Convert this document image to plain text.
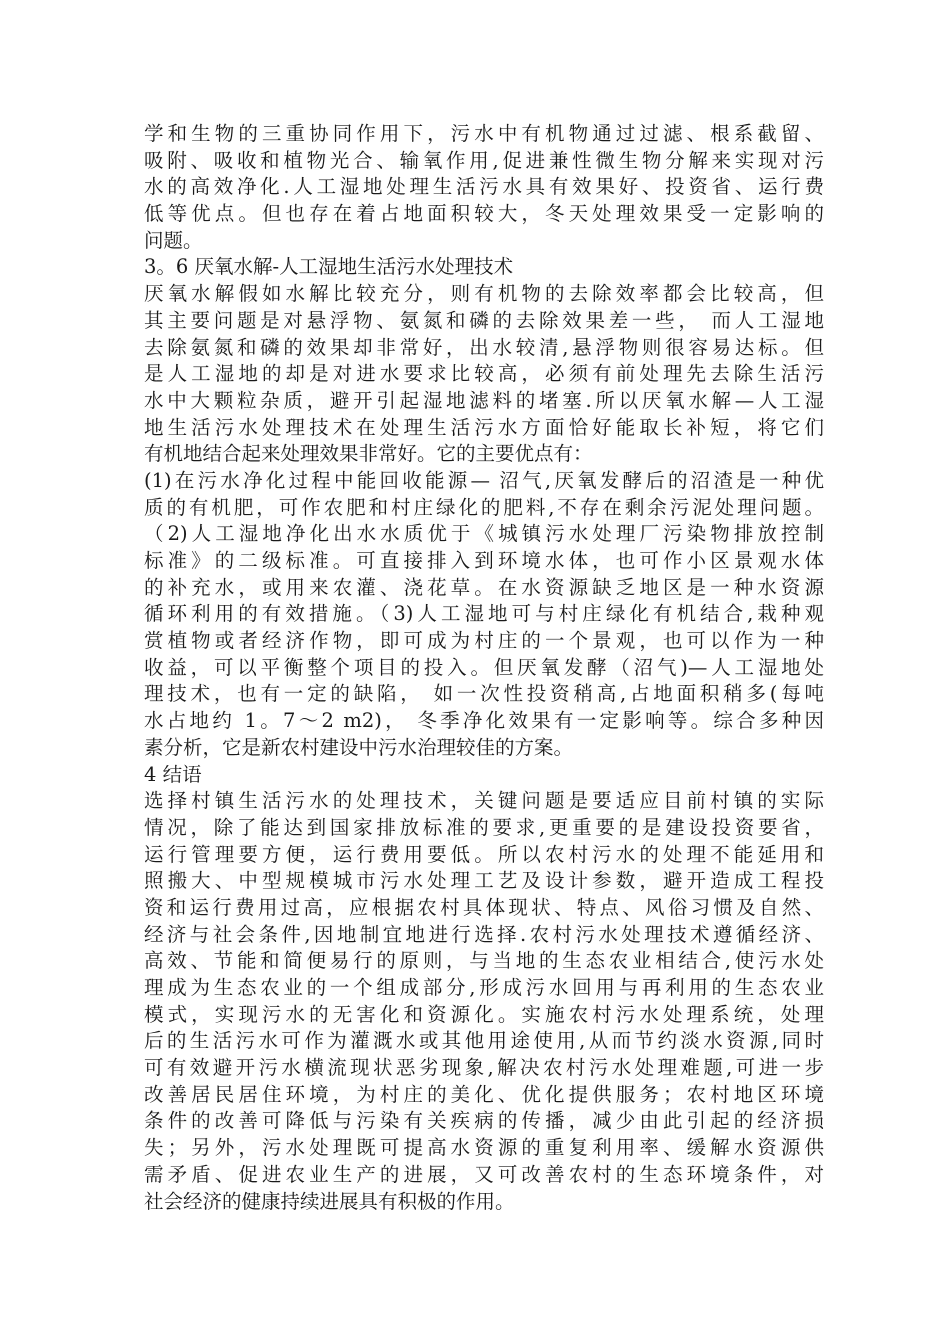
学和生物的三重协同作用下，污水中有机物通过过滤、根系截留、
吸附、吸收和植物光合、输氧作用,促进兼性微生物分解来实现对污
水的高效净化.人工湿地处理生活污水具有效果好、投资省、运行费
低等优点。但也存在着占地面积较大，冬天处理效果受一定影响的
问题。
3。6 厌氧水解-人工湿地生活污水处理技术
厌氧水解假如水解比较充分，则有机物的去除效率都会比较高，但
其主要问题是对悬浮物、氨氮和磷的去除效果差一些， 而人工湿地
去除氨氮和磷的效果却非常好，出水较清,悬浮物则很容易达标。但
是人工湿地的却是对进水要求比较高，必须有前处理先去除生活污
水中大颗粒杂质，避开引起湿地滤料的堵塞.所以厌氧水解—人工湿
地生活污水处理技术在处理生活污水方面恰好能取长补短，将它们
有机地结合起来处理效果非常好。它的主要优点有：
(1)在污水净化过程中能回收能源— 沼气,厌氧发酵后的沼渣是一种优
质的有机肥，可作农肥和村庄绿化的肥料,不存在剩余污泥处理问题。
（2)人工湿地净化出水水质优于《城镇污水处理厂污染物排放控制
标准》的二级标准。可直接排入到环境水体，也可作小区景观水体
的补充水，或用来农灌、浇花草。在水资源缺乏地区是一种水资源
循环利用的有效措施。（3)人工湿地可与村庄绿化有机结合,栽种观
赏植物或者经济作物，即可成为村庄的一个景观，也可以作为一种
收益，可以平衡整个项目的投入。但厌氧发酵（沼气)—人工湿地处
理技术，也有一定的缺陷， 如一次性投资稍高,占地面积稍多(每吨
水占地约 1。7～2 m2)， 冬季净化效果有一定影响等。综合多种因
素分析，它是新农村建设中污水治理较佳的方案。
4 结语
选择村镇生活污水的处理技术，关键问题是要适应目前村镇的实际
情况，除了能达到国家排放标准的要求,更重要的是建设投资要省，
运行管理要方便，运行费用要低。所以农村污水的处理不能延用和
照搬大、中型规模城市污水处理工艺及设计参数，避开造成工程投
资和运行费用过高，应根据农村具体现状、特点、风俗习惯及自然、
经济与社会条件,因地制宜地进行选择.农村污水处理技术遵循经济、
高效、节能和简便易行的原则，与当地的生态农业相结合,使污水处
理成为生态农业的一个组成部分,形成污水回用与再利用的生态农业
模式，实现污水的无害化和资源化。实施农村污水处理系统，处理
后的生活污水可作为灌溉水或其他用途使用,从而节约淡水资源,同时
可有效避开污水横流现状恶劣现象,解决农村污水处理难题,可进一步
改善居民居住环境，为村庄的美化、优化提供服务；农村地区环境
条件的改善可降低与污染有关疾病的传播，减少由此引起的经济损
失；另外，污水处理既可提高水资源的重复利用率、缓解水资源供
需矛盾、促进农业生产的进展，又可改善农村的生态环境条件，对
社会经济的健康持续进展具有积极的作用。
